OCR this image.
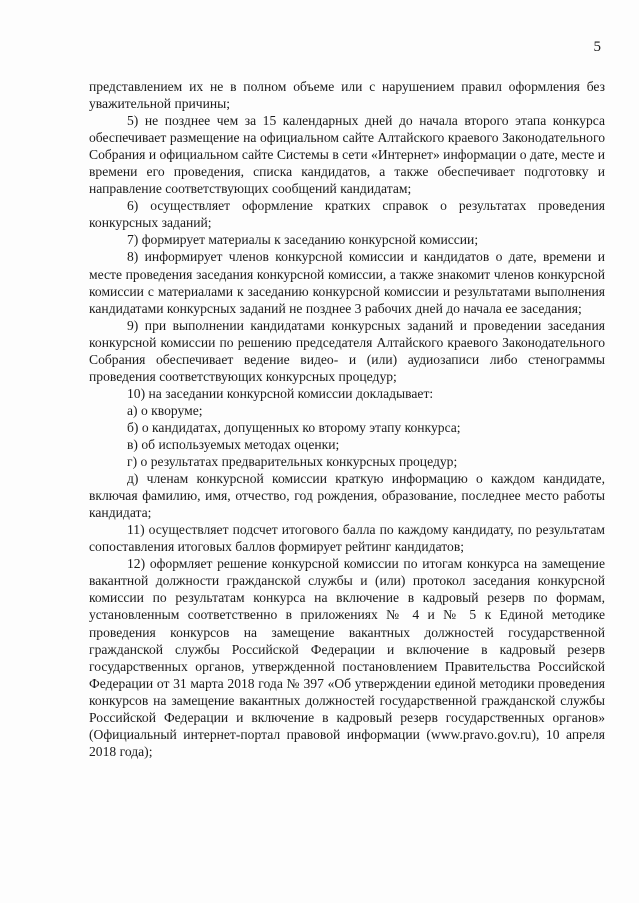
5

представлением их не в полном объеме или с нарушением правил оформления без уважительной причины;

5) не позднее чем за 15 календарных дней до начала второго этапа конкурса обеспечивает размещение на официальном сайте Алтайского краевого Законодательного Собрания и официальном сайте Системы в сети «Интернет» информации о дате, месте и времени его проведения, списка кандидатов, а также обеспечивает подготовку и направление соответствующих сообщений кандидатам;

6) осуществляет оформление кратких справок о результатах проведения конкурсных заданий;

7) формирует материалы к заседанию конкурсной комиссии;

8) информирует членов конкурсной комиссии и кандидатов о дате, времени и месте проведения заседания конкурсной комиссии, а также знакомит членов конкурсной комиссии с материалами к заседанию конкурсной комиссии и результатами выполнения кандидатами конкурсных заданий не позднее 3 рабочих дней до начала ее заседания;

9) при выполнении кандидатами конкурсных заданий и проведении заседания конкурсной комиссии по решению председателя Алтайского краевого Законодательного Собрания обеспечивает ведение видео- и (или) аудиозаписи либо стенограммы проведения соответствующих конкурсных процедур;

10) на заседании конкурсной комиссии докладывает:

а) о кворуме;

б) о кандидатах, допущенных ко второму этапу конкурса;

в) об используемых методах оценки;

г) о результатах предварительных конкурсных процедур;

д) членам конкурсной комиссии краткую информацию о каждом кандидате, включая фамилию, имя, отчество, год рождения, образование, последнее место работы кандидата;

11) осуществляет подсчет итогового балла по каждому кандидату, по результатам сопоставления итоговых баллов формирует рейтинг кандидатов;

12) оформляет решение конкурсной комиссии по итогам конкурса на замещение вакантной должности гражданской службы и (или) протокол заседания конкурсной комиссии по результатам конкурса на включение в кадровый резерв по формам, установленным соответственно в приложениях № 4 и № 5 к Единой методике проведения конкурсов на замещение вакантных должностей государственной гражданской службы Российской Федерации и включение в кадровый резерв государственных органов, утвержденной постановлением Правительства Российской Федерации от 31 марта 2018 года № 397 «Об утверждении единой методики проведения конкурсов на замещение вакантных должностей государственной гражданской службы Российской Федерации и включение в кадровый резерв государственных органов» (Официальный интернет-портал правовой информации (www.pravo.gov.ru), 10 апреля 2018 года);
